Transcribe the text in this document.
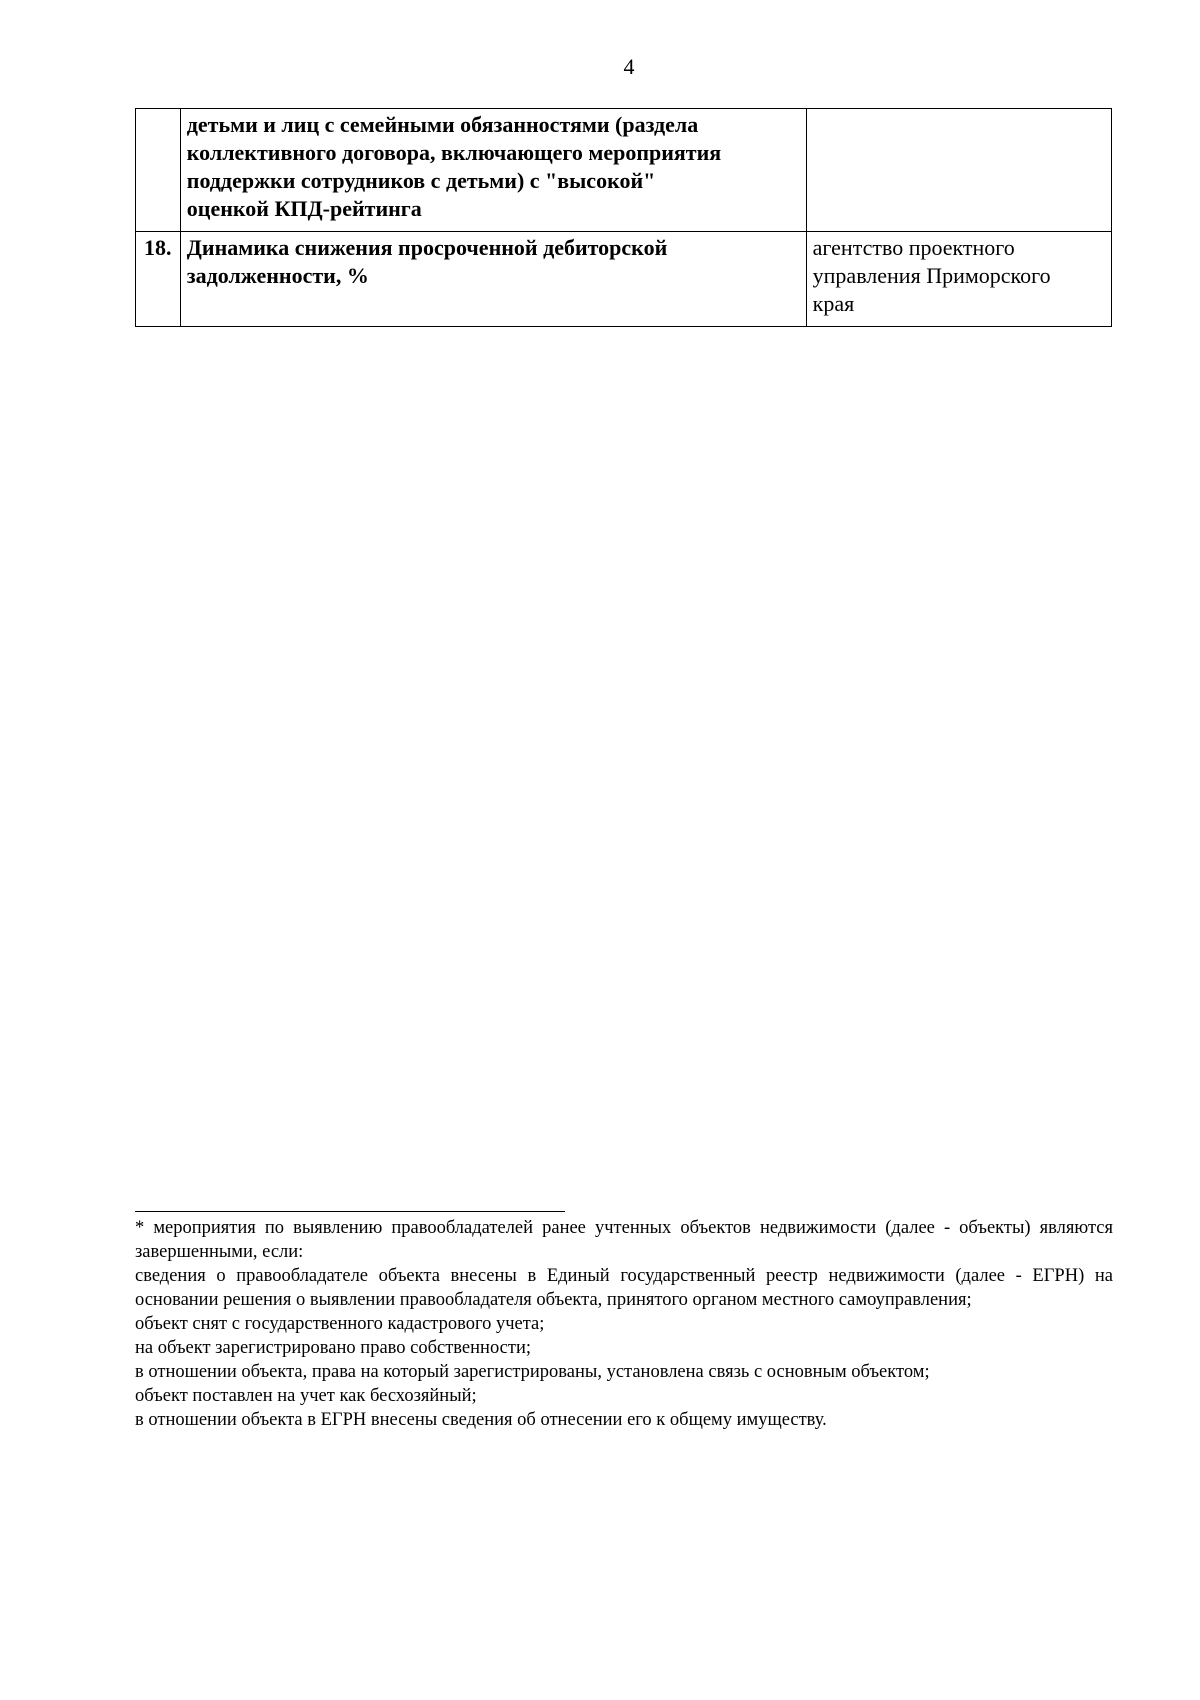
4

	детьми и лиц с семейными обязанностями (раздела
коллективного договора, включающего мероприятия
поддержки сотрудников с детьми) с "высокой"
оценкой КПД-рейтинга	

18.	Динамика снижения просроченной дебиторской
задолженности, %	агентство проектного
управления Приморского
края

* мероприятия по выявлению правообладателей ранее учтенных объектов недвижимости (далее - объекты) являются завершенными, если:

сведения о правообладателе объекта внесены в Единый государственный реестр недвижимости (далее - ЕГРН) на основании решения о выявлении правообладателя объекта, принятого органом местного самоуправления;

объект снят с государственного кадастрового учета;

на объект зарегистрировано право собственности;

в отношении объекта, права на который зарегистрированы, установлена связь с основным объектом;

объект поставлен на учет как бесхозяйный;

в отношении объекта в ЕГРН внесены сведения об отнесении его к общему имуществу.
